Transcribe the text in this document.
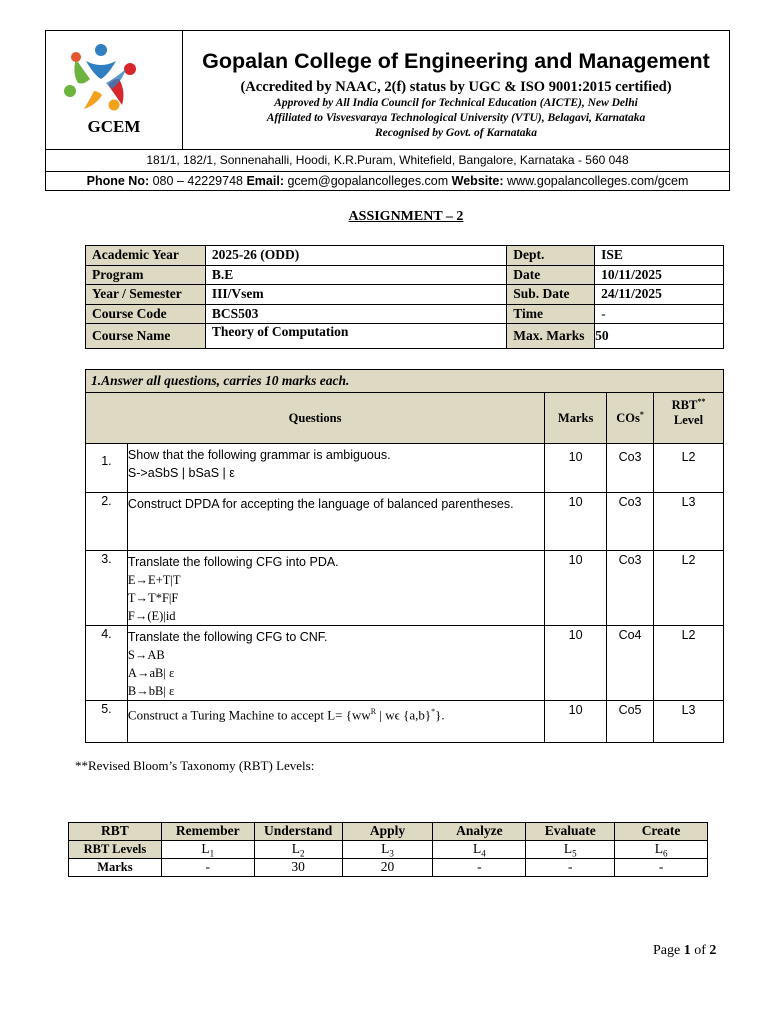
GCEM
Gopalan College of Engineering and Management
(Accredited by NAAC, 2(f) status by UGC & ISO 9001:2015 certified)
Approved by All India Council for Technical Education (AICTE), New Delhi
Affiliated to Visvesvaraya Technological University (VTU), Belagavi, Karnataka
Recognised by Govt. of Karnataka
181/1, 182/1, Sonnenahalli, Hoodi, K.R.Puram, Whitefield, Bangalore, Karnataka - 560 048
Phone No: 080 – 42229748 Email: gcem@gopalancolleges.com Website: www.gopalancolleges.com/gcem
ASSIGNMENT – 2
Academic Year	2025-26 (ODD)	Dept.	ISE
Program	B.E	Date	10/11/2025
Year / Semester	III/Vsem	Sub. Date	24/11/2025
Course Code	BCS503	Time	-
Course Name	Theory of Computation	Max. Marks	50
1.Answer all questions, carries 10 marks each.				
Questions		Marks	COs*	RBT**
Level
1.	Show that the following grammar is ambiguous.
S->aSbS | bSaS | ε	10	Co3	L2
2.	Construct DPDA for accepting the language of balanced parentheses.	10	Co3	L3
3.	Translate the following CFG into PDA.
E→E+T|T
T→T*F|F
F→(E)|id	10	Co3	L2
4.	Translate the following CFG to CNF.
S→AB
A→aB| ε
B→bB| ε	10	Co4	L2
5.	Construct a Turing Machine to accept $L= \{ww^R$ | wϵ {a,b}*}.	10	Co5	L3
**Revised Bloom’s Taxonomy (RBT) Levels:
RBT	Remember	Understand	Apply	Analyze	Evaluate	Create
RBT Levels	$L_1$	$L_2$	$L_3$	$L_4$	$L_5$	$L_6$
Marks	-	30	20	-	-	-
Page 1 of 2
